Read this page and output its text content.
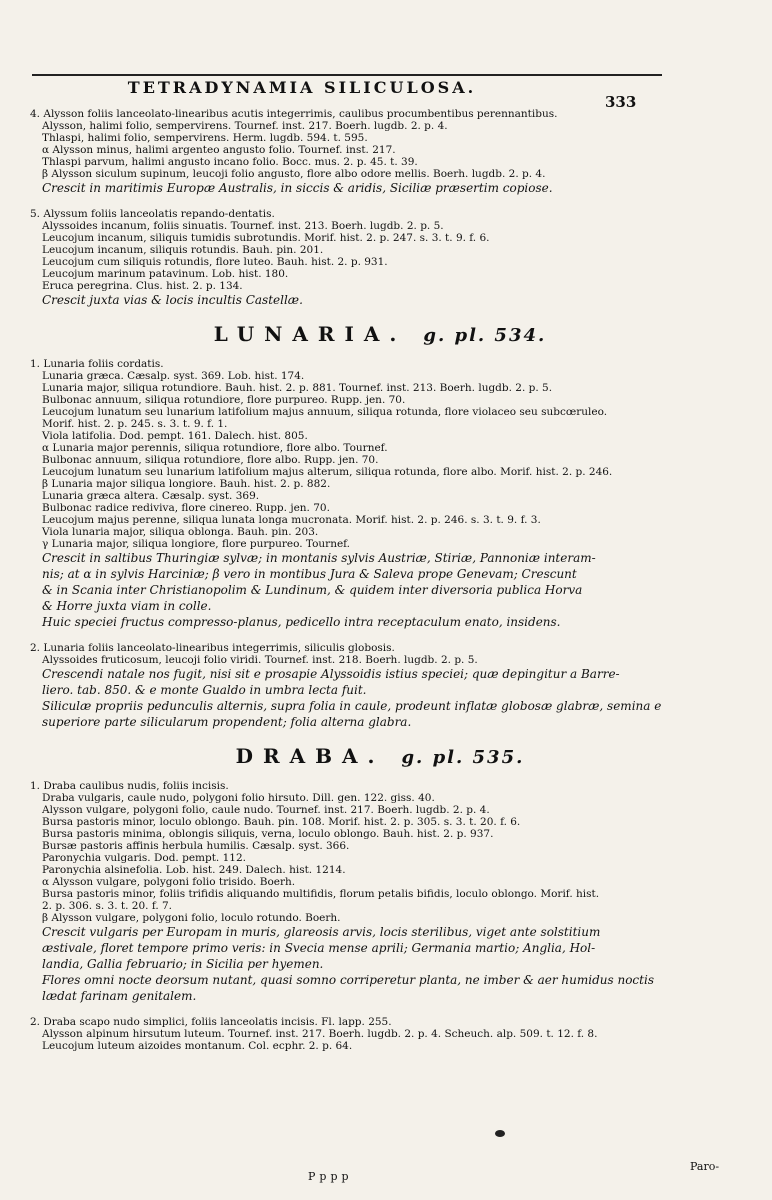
TETRADYNAMIA SILICULOSA.
333
4. Alysson foliis lanceolato-linearibus acutis integerrimis, caulibus procumbentibus perennantibus.
Alysson, halimi folio, sempervirens. Tournef. inst. 217. Boerh. lugdb. 2. p. 4.
Thlaspi, halimi folio, sempervirens. Herm. lugdb. 594. t. 595.
α Alysson minus, halimi argenteo angusto folio. Tournef. inst. 217.
Thlaspi parvum, halimi angusto incano folio. Bocc. mus. 2. p. 45. t. 39.
β Alysson siculum supinum, leucoji folio angusto, flore albo odore mellis. Boerh. lugdb. 2. p. 4.
Crescit in maritimis Europæ Australis, in siccis & aridis, Siciliæ præsertim copiose.
5. Alyssum foliis lanceolatis repando-dentatis.
Alyssoides incanum, foliis sinuatis. Tournef. inst. 213. Boerh. lugdb. 2. p. 5.
Leucojum incanum, siliquis tumidis subrotundis. Morif. hist. 2. p. 247. s. 3. t. 9. f. 6.
Leucojum incanum, siliquis rotundis. Bauh. pin. 201.
Leucojum cum siliquis rotundis, flore luteo. Bauh. hist. 2. p. 931.
Leucojum marinum patavinum. Lob. hist. 180.
Eruca peregrina. Clus. hist. 2. p. 134.
Crescit juxta vias & locis incultis Castellæ.
LUNARIA. g. pl. 534.
1. Lunaria foliis cordatis.
Lunaria græca. Cæsalp. syst. 369. Lob. hist. 174.
Lunaria major, siliqua rotundiore. Bauh. hist. 2. p. 881. Tournef. inst. 213. Boerh. lugdb. 2. p. 5.
Bulbonac annuum, siliqua rotundiore, flore purpureo. Rupp. jen. 70.
Leucojum lunatum seu lunarium latifolium majus annuum, siliqua rotunda, flore violaceo seu subcœruleo.
Morif. hist. 2. p. 245. s. 3. t. 9. f. 1.
Viola latifolia. Dod. pempt. 161. Dalech. hist. 805.
α Lunaria major perennis, siliqua rotundiore, flore albo. Tournef.
Bulbonac annuum, siliqua rotundiore, flore albo. Rupp. jen. 70.
Leucojum lunatum seu lunarium latifolium majus alterum, siliqua rotunda, flore albo. Morif. hist. 2. p. 246.
β Lunaria major siliqua longiore. Bauh. hist. 2. p. 882.
Lunaria græca altera. Cæsalp. syst. 369.
Bulbonac radice rediviva, flore cinereo. Rupp. jen. 70.
Leucojum majus perenne, siliqua lunata longa mucronata. Morif. hist. 2. p. 246. s. 3. t. 9. f. 3.
Viola lunaria major, siliqua oblonga. Bauh. pin. 203.
γ Lunaria major, siliqua longiore, flore purpureo. Tournef.
Crescit in saltibus Thuringiæ sylvæ; in montanis sylvis Austriæ, Stiriæ, Pannoniæ interam-
nis; at α in sylvis Harciniæ; β vero in montibus Jura & Saleva prope Genevam; Crescunt
& in Scania inter Christianopolim & Lundinum, & quidem inter diversoria publica Horva
& Horre juxta viam in colle.
Huic speciei fructus compresso-planus, pedicello intra receptaculum enato, insidens.
2. Lunaria foliis lanceolato-linearibus integerrimis, siliculis globosis.
Alyssoides fruticosum, leucoji folio viridi. Tournef. inst. 218. Boerh. lugdb. 2. p. 5.
Crescendi natale nos fugit, nisi sit e prosapie Alyssoidis istius speciei; quæ depingitur a Barre-
liero. tab. 850. & e monte Gualdo in umbra lecta fuit.
Siliculæ propriis pedunculis alternis, supra folia in caule, prodeunt inflatæ globosæ glabræ, semina e
superiore parte silicularum propendent; folia alterna glabra.
DRABA. g. pl. 535.
1. Draba caulibus nudis, foliis incisis.
Draba vulgaris, caule nudo, polygoni folio hirsuto. Dill. gen. 122. giss. 40.
Alysson vulgare, polygoni folio, caule nudo. Tournef. inst. 217. Boerh. lugdb. 2. p. 4.
Bursa pastoris minor, loculo oblongo. Bauh. pin. 108. Morif. hist. 2. p. 305. s. 3. t. 20. f. 6.
Bursa pastoris minima, oblongis siliquis, verna, loculo oblongo. Bauh. hist. 2. p. 937.
Bursæ pastoris affinis herbula humilis. Cæsalp. syst. 366.
Paronychia vulgaris. Dod. pempt. 112.
Paronychia alsinefolia. Lob. hist. 249. Dalech. hist. 1214.
α Alysson vulgare, polygoni folio trisido. Boerh.
Bursa pastoris minor, foliis trifidis aliquando multifidis, florum petalis bifidis, loculo oblongo. Morif. hist.
2. p. 306. s. 3. t. 20. f. 7.
β Alysson vulgare, polygoni folio, loculo rotundo. Boerh.
Crescit vulgaris per Europam in muris, glareosis arvis, locis sterilibus, viget ante solstitium
æstivale, floret tempore primo veris: in Svecia mense aprili; Germania martio; Anglia, Hol-
landia, Gallia februario; in Sicilia per hyemen.
Flores omni nocte deorsum nutant, quasi somno corriperetur planta, ne imber & aer humidus noctis
lædat farinam genitalem.
2. Draba scapo nudo simplici, foliis lanceolatis incisis. Fl. lapp. 255.
Alysson alpinum hirsutum luteum. Tournef. inst. 217. Boerh. lugdb. 2. p. 4. Scheuch. alp. 509. t. 12. f. 8.
Leucojum luteum aizoides montanum. Col. ecphr. 2. p. 64.
Pppp
Paro-
